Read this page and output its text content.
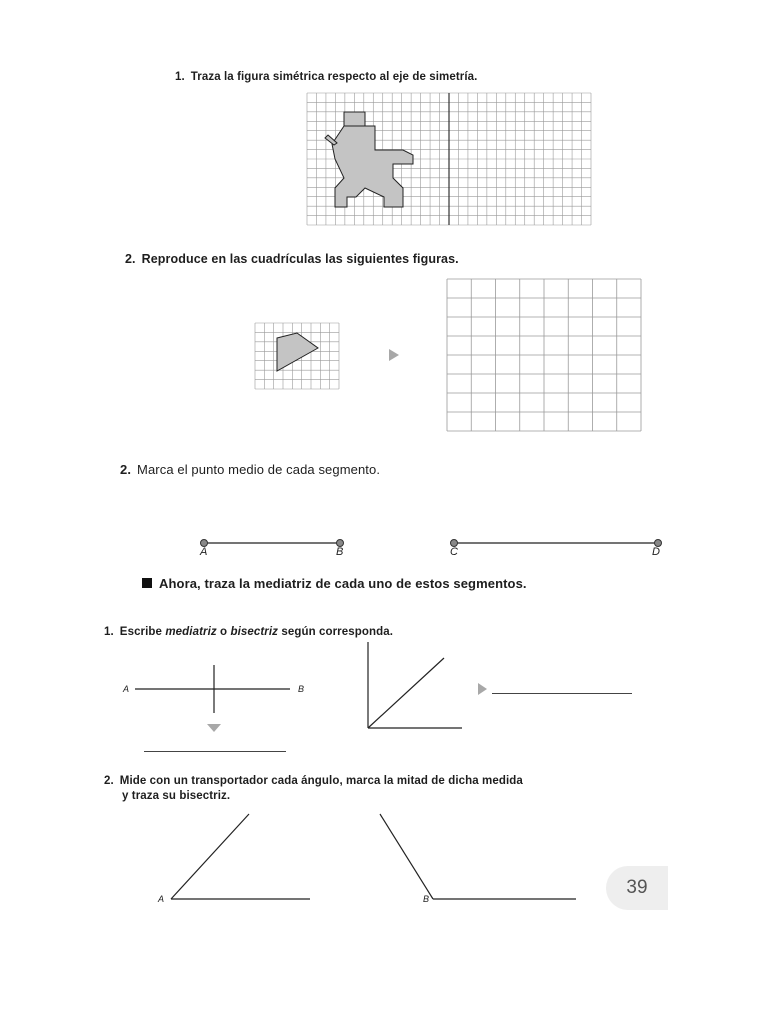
1. Traza la figura simétrica respecto al eje de simetría.
2. Reproduce en las cuadrículas las siguientes figuras.
2. Marca el punto medio de cada segmento.
A	B	C	D
Ahora, traza la mediatriz de cada uno de estos segmentos.
1. Escribe mediatriz o bisectriz según corresponda.
A	B
2. Mide con un transportador cada ángulo, marca la mitad de dicha medida
y traza su bisectriz.
A	B
39
